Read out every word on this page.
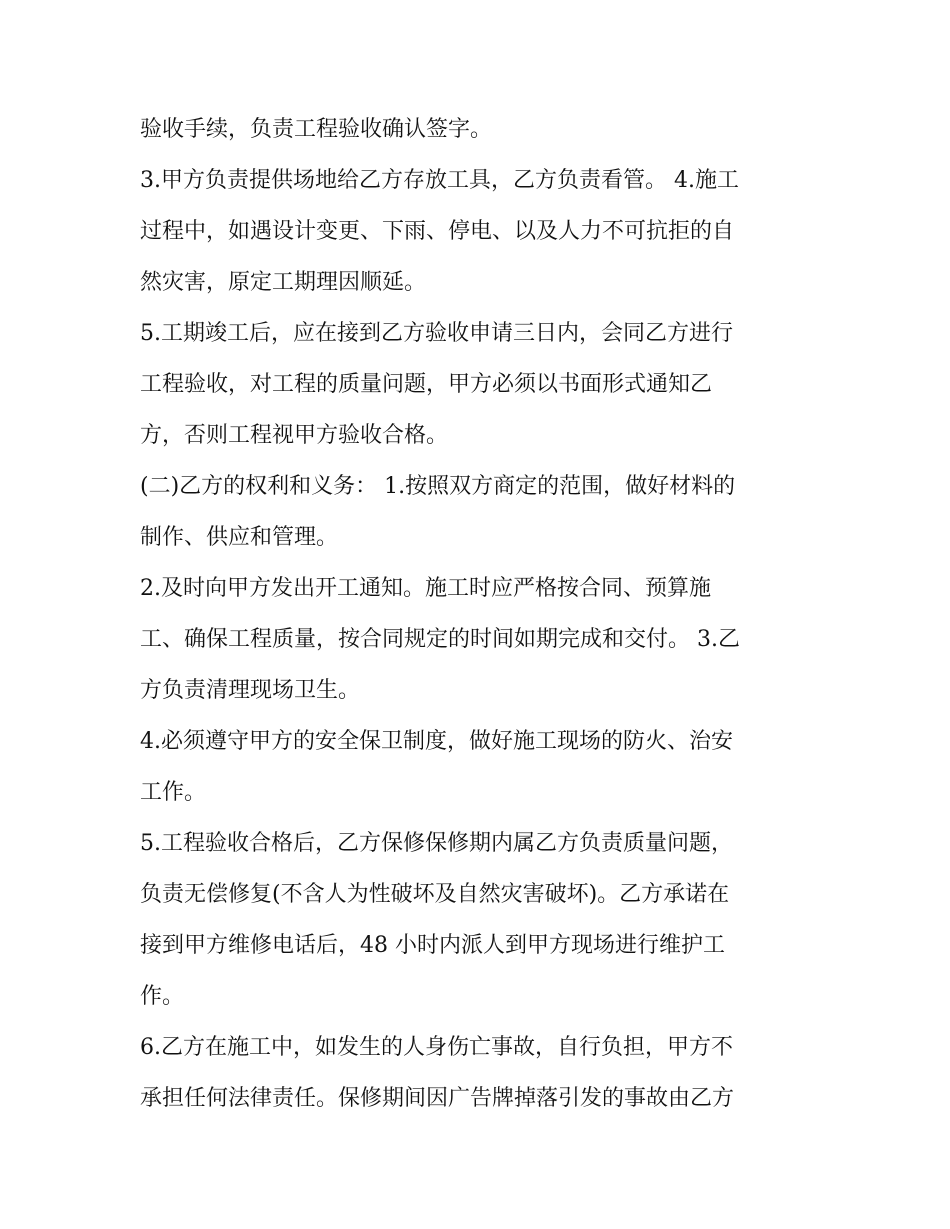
验收手续，负责工程验收确认签字。
3.甲方负责提供场地给乙方存放工具，乙方负责看管。 4.施工
过程中，如遇设计变更、下雨、停电、以及人力不可抗拒的自
然灾害，原定工期理因顺延。
5.工期竣工后，应在接到乙方验收申请三日内，会同乙方进行
工程验收，对工程的质量问题，甲方必须以书面形式通知乙
方，否则工程视甲方验收合格。
(二)乙方的权利和义务： 1.按照双方商定的范围，做好材料的
制作、供应和管理。
2.及时向甲方发出开工通知。施工时应严格按合同、预算施
工、确保工程质量，按合同规定的时间如期完成和交付。 3.乙
方负责清理现场卫生。
4.必须遵守甲方的安全保卫制度，做好施工现场的防火、治安
工作。
5.工程验收合格后，乙方保修保修期内属乙方负责质量问题，
负责无偿修复(不含人为性破坏及自然灾害破坏)。乙方承诺在
接到甲方维修电话后，48 小时内派人到甲方现场进行维护工
作。
6.乙方在施工中，如发生的人身伤亡事故，自行负担，甲方不
承担任何法律责任。保修期间因广告牌掉落引发的事故由乙方
